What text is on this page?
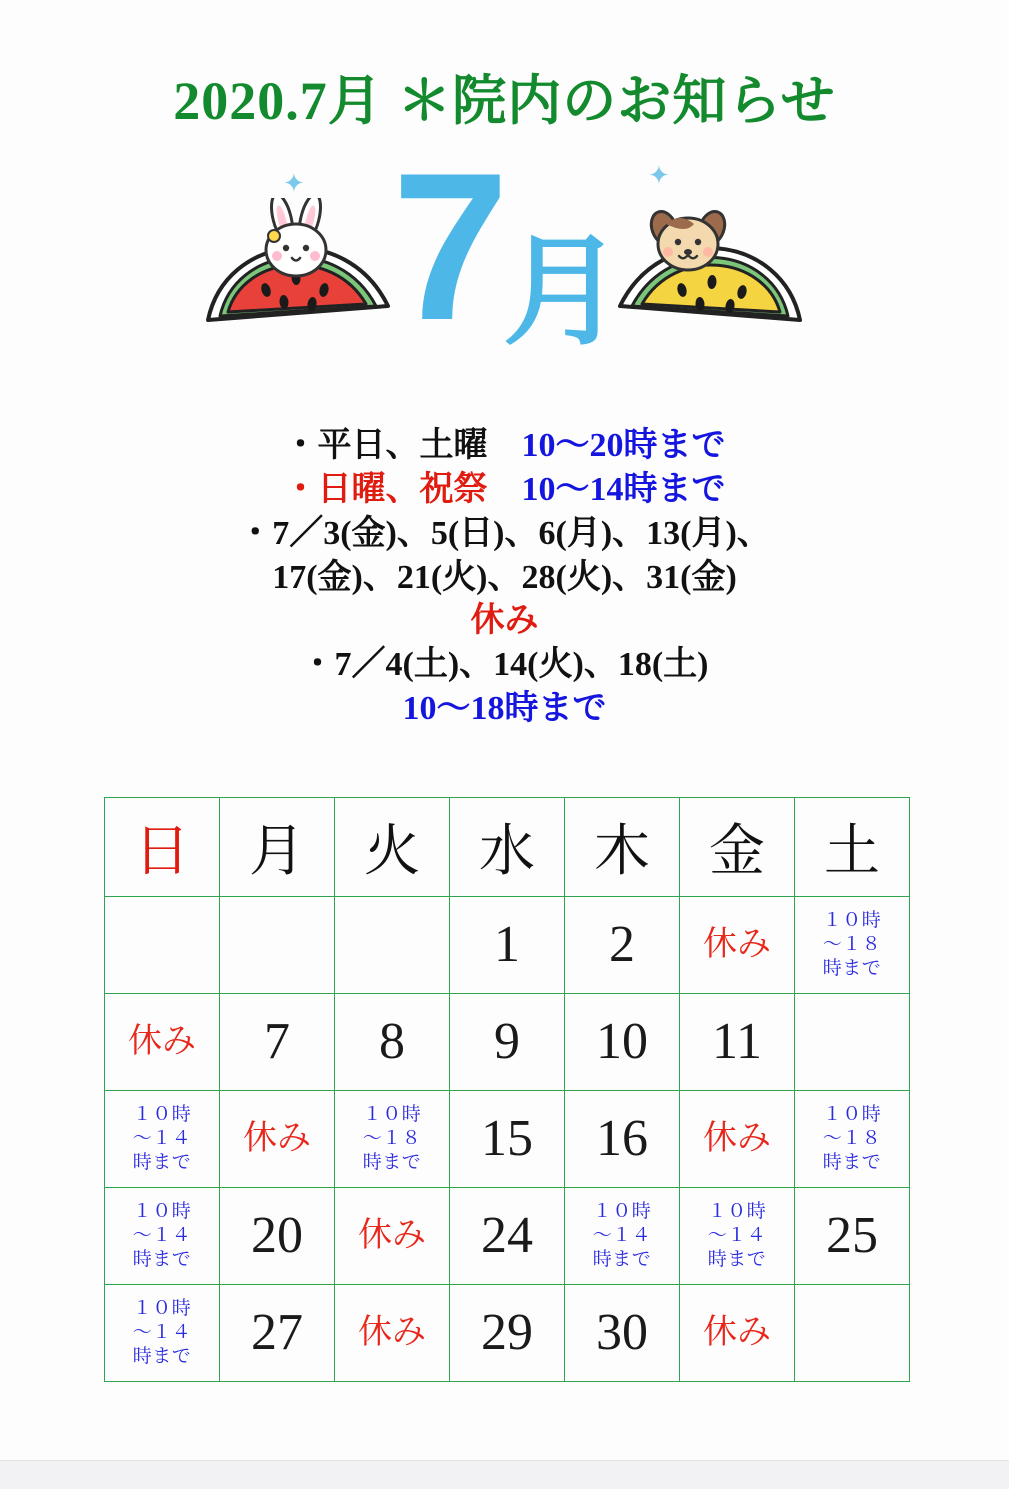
2020.7月 ＊院内のお知らせ
✦	✦
7月
・平日、土曜　10〜20時まで
・日曜、祝祭　10〜14時まで
・7／3(金)、5(日)、6(月)、13(月)、
17(金)、21(火)、28(火)、31(金)
休み
・7／4(土)、14(火)、18(土)
10〜18時まで
日	月	火	水	木	金	土

			1	2	休み	１０時
〜１８
時まで

休み	7	8	9	10	11	

１０時
〜１４
時まで	休み	１０時
〜１８
時まで	15	16	休み	１０時
〜１８
時まで

１０時
〜１４
時まで	20	休み	24	１０時
〜１４
時まで	１０時
〜１４
時まで	25

１０時
〜１４
時まで	27	休み	29	30	休み	
